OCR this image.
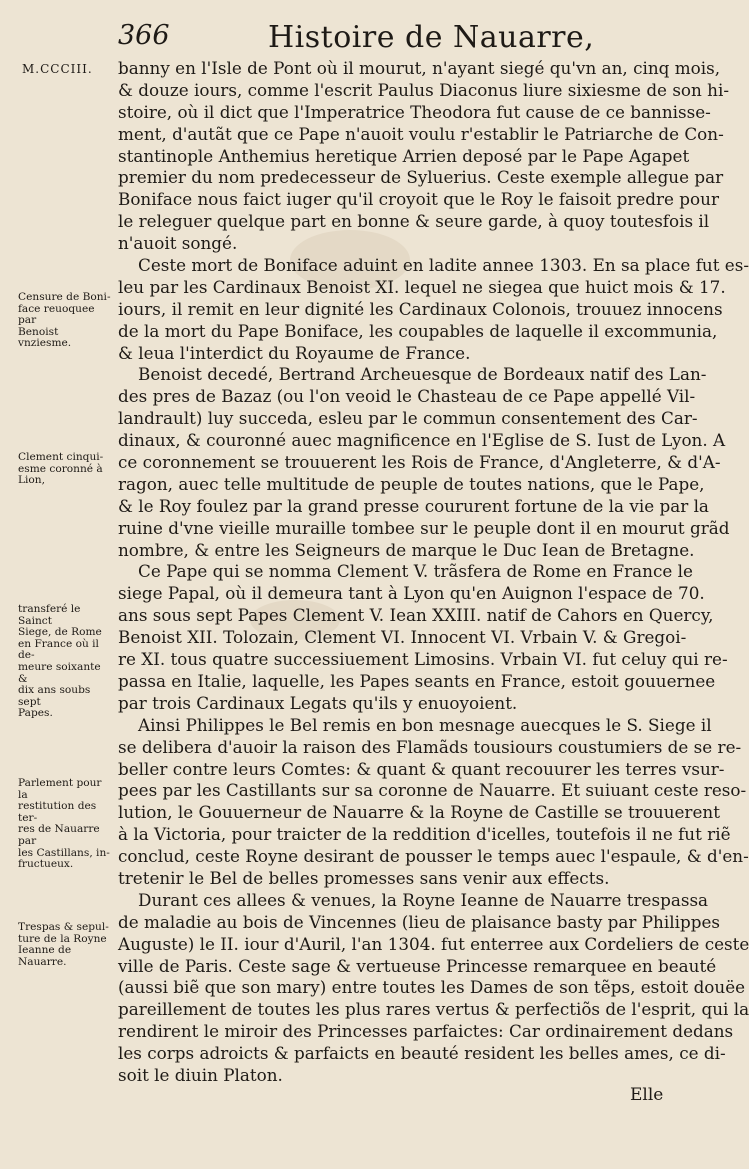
366	Histoire de Nauarre,
M.CCCIII. banny en l'Isle de Pont où il mourut, n'ayant siegé qu'vn an, cinq mois,
& douze iours, comme l'escrit Paulus Diaconus liure sixiesme de son hi-
stoire, où il dict que l'Imperatrice Theodora fut cause de ce bannisse-
ment, d'autãt que ce Pape n'auoit voulu r'establir le Patriarche de Con-
stantinople Anthemius heretique Arrien deposé par le Pape Agapet
premier du nom predecesseur de Syluerius. Ceste exemple allegue par
Boniface nous faict iuger qu'il croyoit que le Roy le faisoit predre pour
le releguer quelque part en bonne & seure garde, à quoy toutesfois il
n'auoit songé.
Ceste mort de Boniface aduint en ladite annee 1303. En sa place fut es-
leu par les Cardinaux Benoist XI. lequel ne siegea que huict mois & 17.
iours, il remit en leur dignité les Cardinaux Colonois, trouuez innocens
de la mort du Pape Boniface, les coupables de laquelle il excommunia,
& leua l'interdict du Royaume de France.
Benoist decedé, Bertrand Archeuesque de Bordeaux natif des Lan-
des pres de Bazaz (ou l'on veoid le Chasteau de ce Pape appellé Vil-
landrault) luy succeda, esleu par le commun consentement des Car-
dinaux, & couronné auec magnificence en l'Eglise de S. Iust de Lyon. A
ce coronnement se trouuerent les Rois de France, d'Angleterre, & d'A-
ragon, auec telle multitude de peuple de toutes nations, que le Pape,
& le Roy foulez par la grand presse coururent fortune de la vie par la
ruine d'vne vieille muraille tombee sur le peuple dont il en mourut grãd
nombre, & entre les Seigneurs de marque le Duc Iean de Bretagne.
Ce Pape qui se nomma Clement V. trãsfera de Rome en France le
siege Papal, où il demeura tant à Lyon qu'en Auignon l'espace de 70.
ans sous sept Papes Clement V. Iean XXIII. natif de Cahors en Quercy,
Benoist XII. Tolozain, Clement VI. Innocent VI. Vrbain V. & Gregoi-
re XI. tous quatre successiuement Limosins. Vrbain VI. fut celuy qui re-
passa en Italie, laquelle, les Papes seants en France, estoit gouuernee
par trois Cardinaux Legats qu'ils y enuoyoient.
Ainsi Philippes le Bel remis en bon mesnage auecques le S. Siege il
se delibera d'auoir la raison des Flamãds tousiours coustumiers de se re-
beller contre leurs Comtes: & quant & quant recouurer les terres vsur-
pees par les Castillants sur sa coronne de Nauarre. Et suiuant ceste reso-
lution, le Gouuerneur de Nauarre & la Royne de Castille se trouuerent
à la Victoria, pour traicter de la reddition d'icelles, toutefois il ne fut riẽ
conclud, ceste Royne desirant de pousser le temps auec l'espaule, & d'en-
tretenir le Bel de belles promesses sans venir aux effects.
Durant ces allees & venues, la Royne Ieanne de Nauarre trespassa
de maladie au bois de Vincennes (lieu de plaisance basty par Philippes
Auguste) le II. iour d'Auril, l'an 1304. fut enterree aux Cordeliers de ceste
ville de Paris. Ceste sage & vertueuse Princesse remarquee en beauté
(aussi biẽ que son mary) entre toutes les Dames de son tẽps, estoit douëe
pareillement de toutes les plus rares vertus & perfectiõs de l'esprit, qui la
rendirent le miroir des Princesses parfaictes: Car ordinairement dedans
les corps adroicts & parfaicts en beauté resident les belles ames, ce di-
soit le diuin Platon.
Censure de Boni-
face reuoquee par
Benoist vnziesme.
Clement cinqui-
esme coronné à
Lion,
transferé le Sainct
Siege, de Rome
en France où il de-
meure soixante &
dix ans soubs sept
Papes.
Parlement pour la
restitution des ter-
res de Nauarre par
les Castillans, in-
fructueux.
Trespas & sepul-
ture de la Royne
Ieanne de Nauarre.
Elle
